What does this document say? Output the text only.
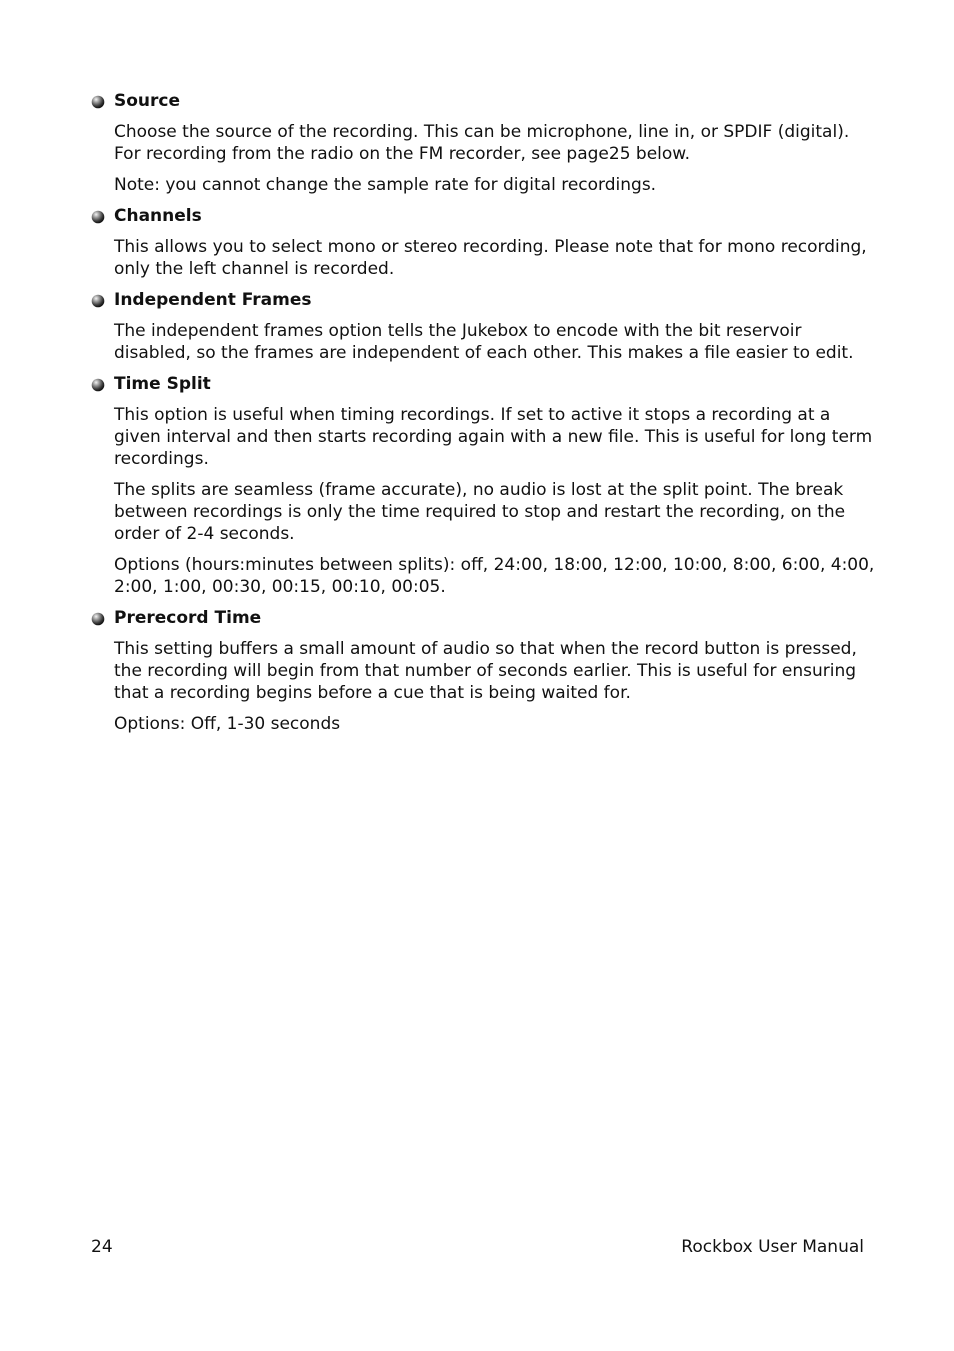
Source

Choose the source of the recording. This can be microphone, line in, or SPDIF (digital). For recording from the radio on the FM recorder, see page25 below.

Note: you cannot change the sample rate for digital recordings.

Channels

This allows you to select mono or stereo recording. Please note that for mono recording, only the left channel is recorded.

Independent Frames

The independent frames option tells the Jukebox to encode with the bit reservoir disabled, so the frames are independent of each other. This makes a file easier to edit.

Time Split

This option is useful when timing recordings. If set to active it stops a recording at a given interval and then starts recording again with a new file. This is useful for long term recordings.

The splits are seamless (frame accurate), no audio is lost at the split point. The break between recordings is only the time required to stop and restart the recording, on the order of 2-4 seconds.

Options (hours:minutes between splits): off, 24:00, 18:00, 12:00, 10:00, 8:00, 6:00, 4:00, 2:00, 1:00, 00:30, 00:15, 00:10, 00:05.

Prerecord Time

This setting buffers a small amount of audio so that when the record button is pressed, the recording will begin from that number of seconds earlier. This is useful for ensuring that a recording begins before a cue that is being waited for.

Options: Off, 1-30 seconds

24	Rockbox User Manual
